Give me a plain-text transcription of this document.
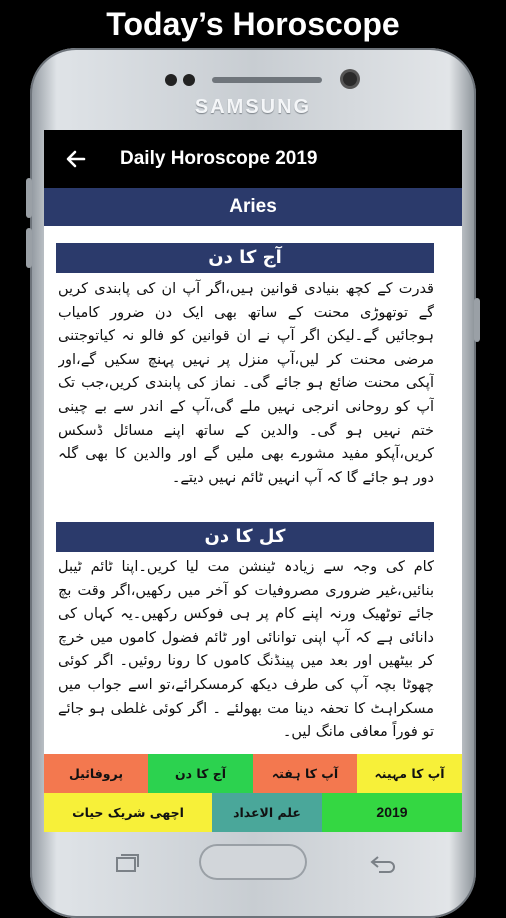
Today’s Horoscope
SAMSUNG
Daily Horoscope 2019
Aries
آج کا دن
قدرت کے کچھ بنیادی قوانین ہیں،اگر آپ ان کی پابندی کریں گے توتھوڑی محنت کے ساتھ بھی ایک دن ضرور کامیاب ہوجائیں گے۔لیکن اگر آپ نے ان قوانین کو فالو نہ کیاتوجتنی مرضی محنت کر لیں،آپ منزل پر نہیں پہنچ سکیں گے،اور آپکی محنت ضائع ہو جائے گی۔ نماز کی پابندی کریں،جب تک آپ کو روحانی انرجی نہیں ملے گی،آپ کے اندر سے بے چینی ختم نہیں ہو گی۔ والدین کے ساتھ اپنے مسائل ڈسکس کریں،آپکو مفید مشورے بھی ملیں گے اور والدین کا بھی گلہ دور ہو جائے گا کہ آپ انہیں ٹائم نہیں دیتے۔
کل کا دن
کام کی وجہ سے زیادہ ٹینشن مت لیا کریں۔اپنا ٹائم ٹیبل بنائیں،غیر ضروری مصروفیات کو آخر میں رکھیں،اگر وقت بچ جائے توٹھیک ورنہ اپنے کام پر ہی فوکس رکھیں۔یہ کہاں کی دانائی ہے کہ آپ اپنی توانائی اور ٹائم فضول کاموں میں خرچ کر بیٹھیں اور بعد میں پینڈنگ کاموں کا رونا روئیں۔ اگر کوئی چھوٹا بچہ آپ کی طرف دیکھ کرمسکرائے،تو اسے جواب میں مسکراہٹ کا تحفہ دینا مت بھولئے ۔ اگر کوئی غلطی ہو جائے تو فوراً معافی مانگ لیں۔
پروفائیل	آج کا دن	آپ کا ہفتہ	آپ کا مہینہ
اچھی شریک حیات	علم الاعداد	2019
